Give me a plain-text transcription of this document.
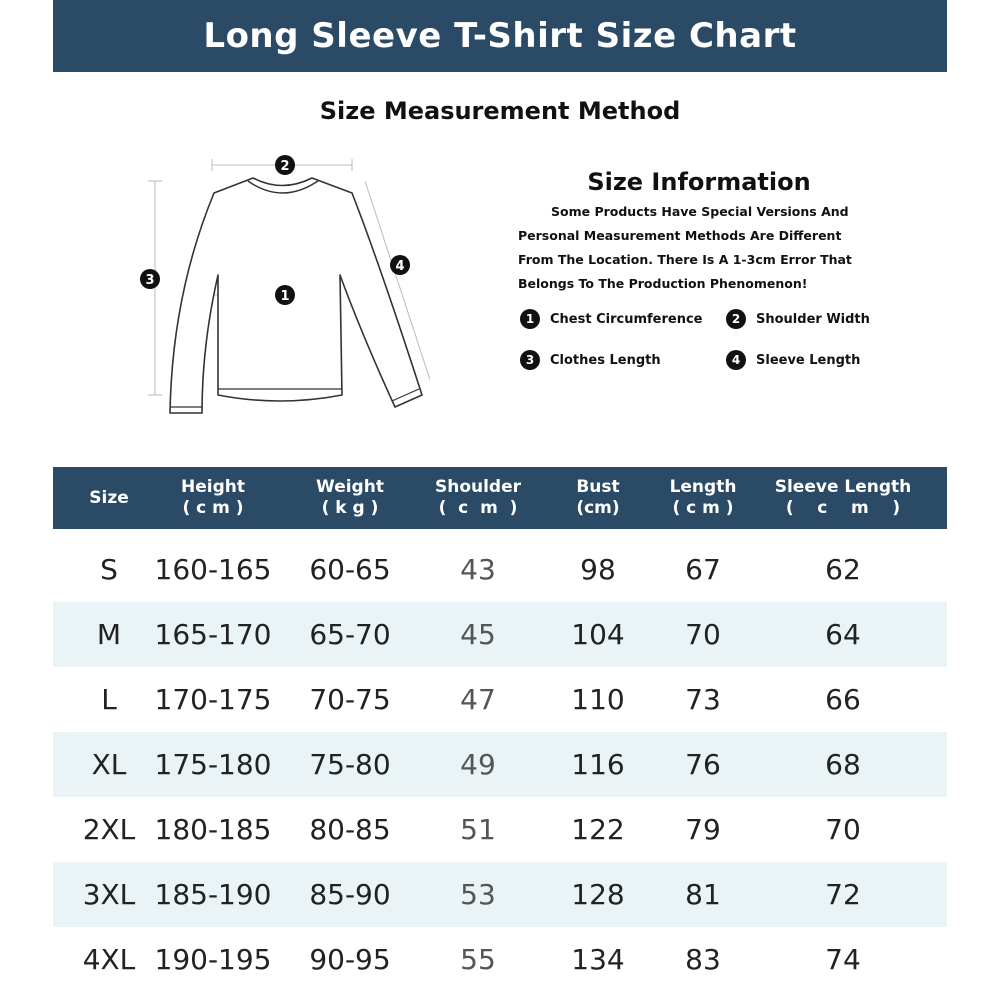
Long Sleeve T-Shirt Size Chart
Size Measurement Method
2
1
3
4
Size Information
Some Products Have Special Versions And
Personal Measurement Methods Are Different
From The Location. There Is A 1-3cm Error That
Belongs To The Production Phenomenon!
1	Chest Circumference	2	Shoulder Width
3	Clothes Length	4	Sleeve Length
Size
Height
( c m )
Weight
( k g )
Shoulder
(  c  m  )
Bust
(cm)
Length
( c m )
Sleeve Length
(    c    m    )
S	160-165	60-65	43	98	67	62
M	165-170	65-70	45	104	70	64
L	170-175	70-75	47	110	73	66
XL	175-180	75-80	49	116	76	68
2XL 180-185	80-85	51	122	79	70
3XL 185-190	85-90	53	128	81	72
4XL 190-195	90-95	55	134	83	74
